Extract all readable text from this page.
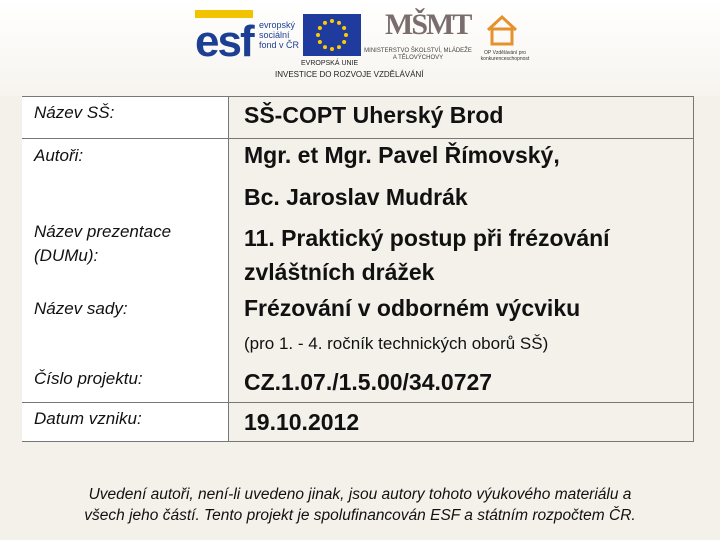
esf evropský
sociální
fond v ČR
EVROPSKÁ UNIE
MŠMT
MINISTERSTVO ŠKOLSTVÍ, MLÁDEŽE A TĚLOVÝCHOVY
OP Vzdělávání pro konkurenceschopnost
INVESTICE DO ROZVOJE VZDĚLÁVÁNÍ
Název SŠ:
Autoři:
Název prezentace
(DUMu):
Název sady:
Číslo projektu:
Datum vzniku:
SŠ-COPT Uherský Brod
Mgr. et Mgr. Pavel Římovský,
Bc. Jaroslav Mudrák
11. Praktický postup při frézování
zvláštních drážek
Frézování v odborném výcviku
(pro 1. - 4. ročník technických oborů SŠ)
CZ.1.07./1.5.00/34.0727
19.10.2012
Uvedení autoři, není-li uvedeno jinak, jsou autory tohoto výukového materiálu a
všech jeho částí. Tento projekt je spolufinancován ESF a státním rozpočtem ČR.
